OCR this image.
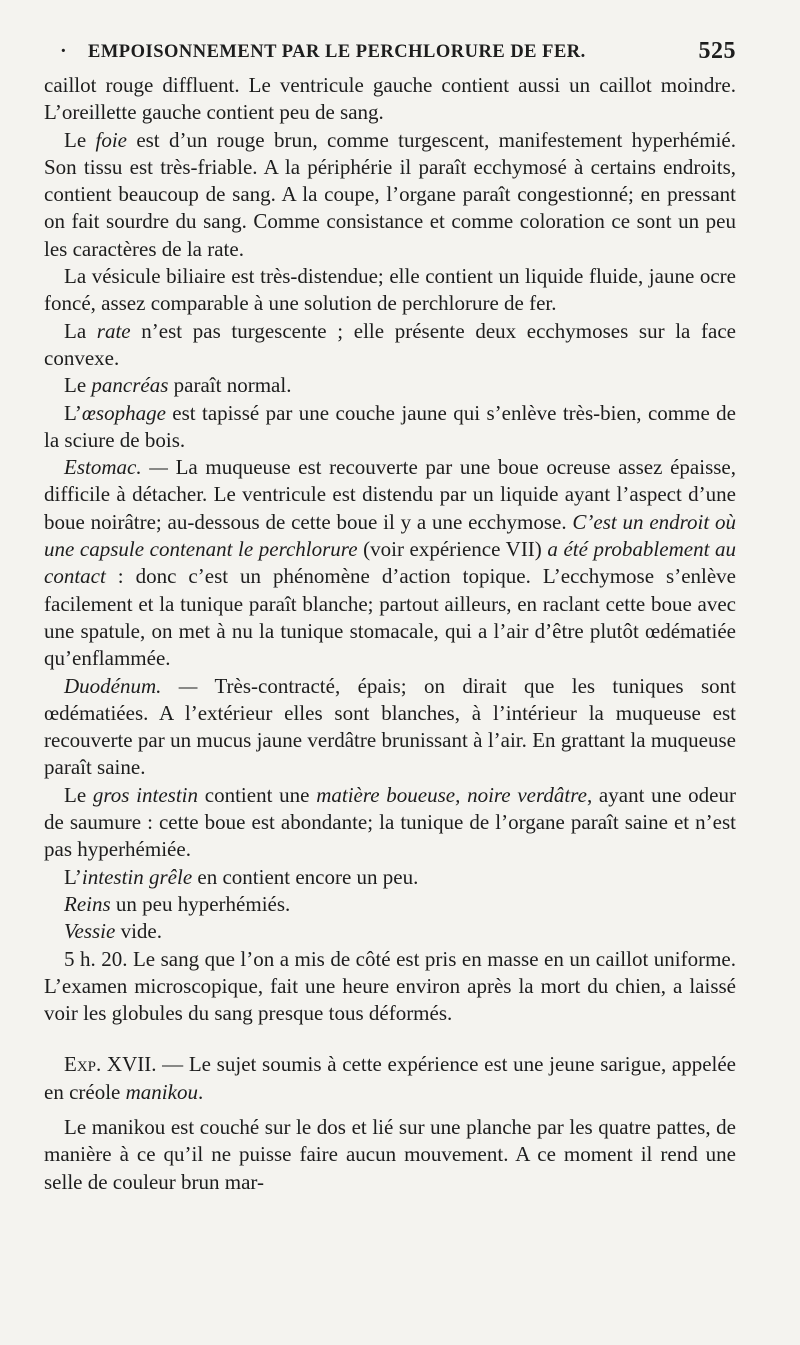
· EMPOISONNEMENT PAR LE PERCHLORURE DE FER.	525

caillot rouge diffluent. Le ventricule gauche contient aussi un caillot moindre. L’oreillette gauche contient peu de sang.

Le foie est d’un rouge brun, comme turgescent, manifestement hyperhémié. Son tissu est très-friable. A la périphérie il paraît ecchymosé à certains endroits, contient beaucoup de sang. A la coupe, l’organe paraît congestionné; en pressant on fait sourdre du sang. Comme consistance et comme coloration ce sont un peu les caractères de la rate.

La vésicule biliaire est très-distendue; elle contient un liquide fluide, jaune ocre foncé, assez comparable à une solution de perchlorure de fer.

La rate n’est pas turgescente ; elle présente deux ecchymoses sur la face convexe.

Le pancréas paraît normal.

L’œsophage est tapissé par une couche jaune qui s’enlève très-bien, comme de la sciure de bois.

Estomac. — La muqueuse est recouverte par une boue ocreuse assez épaisse, difficile à détacher. Le ventricule est distendu par un liquide ayant l’aspect d’une boue noirâtre; au-dessous de cette boue il y a une ecchymose. C’est un endroit où une capsule contenant le perchlorure (voir expérience VII) a été probablement au contact : donc c’est un phénomène d’action topique. L’ecchymose s’enlève facilement et la tunique paraît blanche; partout ailleurs, en raclant cette boue avec une spatule, on met à nu la tunique stomacale, qui a l’air d’être plutôt œdématiée qu’enflammée.

Duodénum. — Très-contracté, épais; on dirait que les tuniques sont œdématiées. A l’extérieur elles sont blanches, à l’intérieur la muqueuse est recouverte par un mucus jaune verdâtre brunissant à l’air. En grattant la muqueuse paraît saine.

Le gros intestin contient une matière boueuse, noire verdâtre, ayant une odeur de saumure : cette boue est abondante; la tunique de l’organe paraît saine et n’est pas hyperhémiée.

L’intestin grêle en contient encore un peu.

Reins un peu hyperhémiés.

Vessie vide.

5 h. 20. Le sang que l’on a mis de côté est pris en masse en un caillot uniforme. L’examen microscopique, fait une heure environ après la mort du chien, a laissé voir les globules du sang presque tous déformés.

Exp. XVII. — Le sujet soumis à cette expérience est une jeune sarigue, appelée en créole manikou.

Le manikou est couché sur le dos et lié sur une planche par les quatre pattes, de manière à ce qu’il ne puisse faire aucun mouvement. A ce moment il rend une selle de couleur brun mar-
